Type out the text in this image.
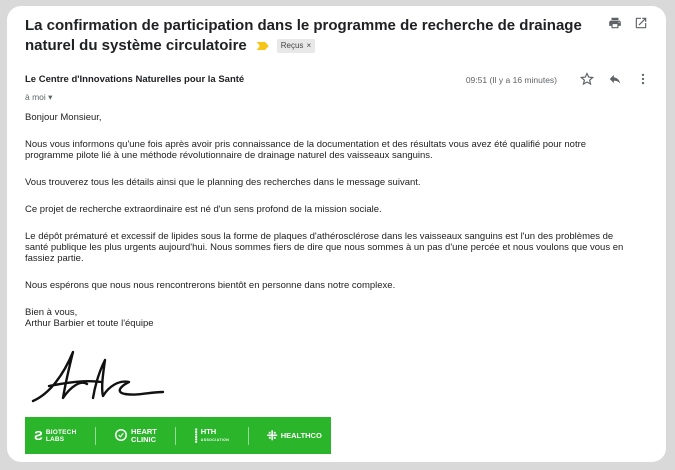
La confirmation de participation dans le programme de recherche de drainage naturel du système circulatoire	Reçus ×
Le Centre d'Innovations Naturelles pour la Santé
à moi ▾
09:51 (Il y a 16 minutes)

Bonjour Monsieur,

Nous vous informons qu'une fois après avoir pris connaissance de la documentation et des résultats vous avez été qualifié pour notre programme pilote lié à une méthode révolutionnaire de drainage naturel des vaisseaux sanguins.

Vous trouverez tous les détails ainsi que le planning des recherches dans le message suivant.

Ce projet de recherche extraordinaire est né d'un sens profond de la mission sociale.

Le dépôt prématuré et excessif de lipides sous la forme de plaques d'athérosclérose dans les vaisseaux sanguins est l'un des problèmes de santé publique les plus urgents aujourd'hui. Nous sommes fiers de dire que nous sommes à un pas d'une percée et nous voulons que vous en fassiez partie.

Nous espérons que nous nous rencontrerons bientôt en personne dans notre complexe.

Bien à vous,

Arthur Barbier et toute l'équipe

Ƨ BIOTECH
LABS
HEART
CLINIC	⸽ HTH
ASSOCIATION	⁜ HEALTHCO
